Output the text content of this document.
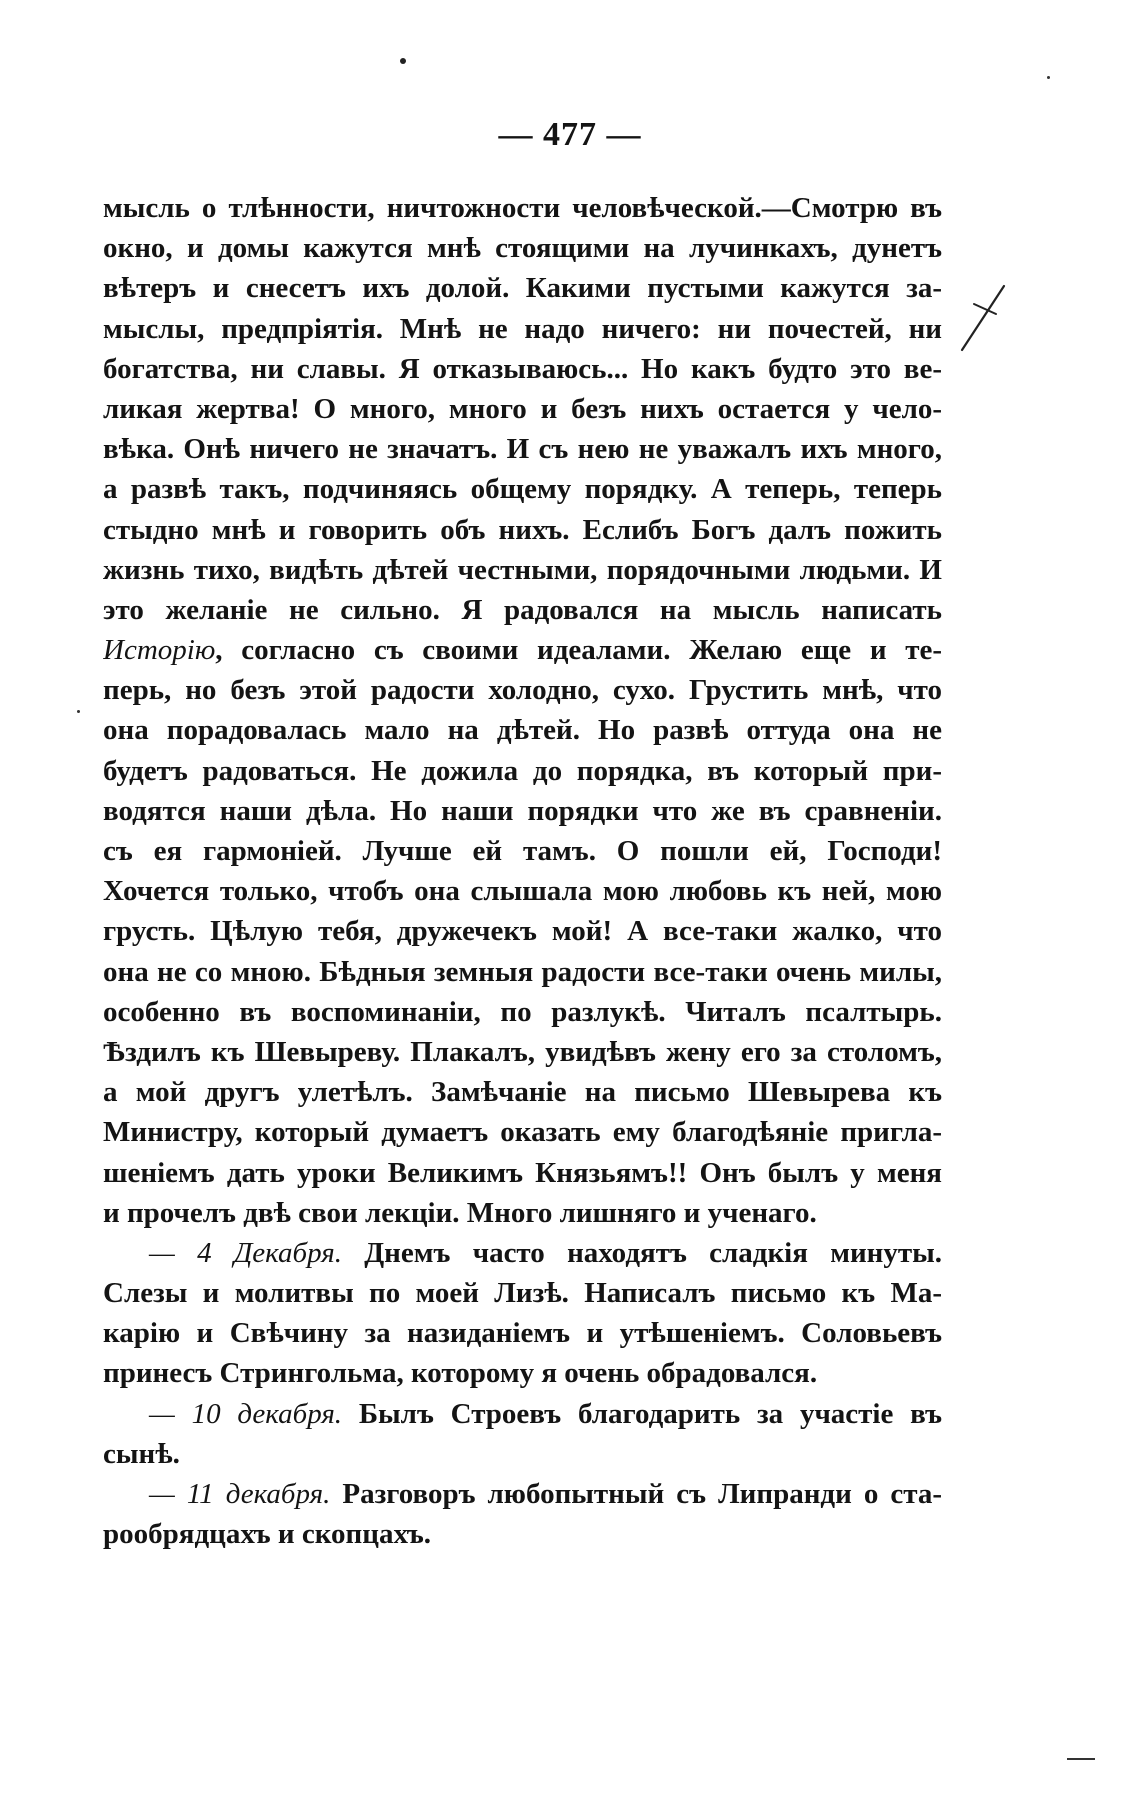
— 477 —
мысль о тлѣнности, ничтожности человѣческой.—Смотрю въ
окно, и домы кажутся мнѣ стоящими на лучинкахъ, дунетъ
вѣтеръ и снесетъ ихъ долой. Какими пустыми кажутся за-
мыслы, предпріятія. Мнѣ не надо ничего: ни почестей, ни
богатства, ни славы. Я отказываюсь... Но какъ будто это ве-
ликая жертва! О много, много и безъ нихъ остается у чело-
вѣка. Онѣ ничего не значатъ. И съ нею не уважалъ ихъ много,
а развѣ такъ, подчиняясь общему порядку. А теперь, теперь
стыдно мнѣ и говорить объ нихъ. Еслибъ Богъ далъ пожить
жизнь тихо, видѣть дѣтей честными, порядочными людьми. И
это желаніе не сильно. Я радовался на мысль написать
Исторію, согласно съ своими идеалами. Желаю еще и те-
перь, но безъ этой радости холодно, сухо. Грустить мнѣ, что
она порадовалась мало на дѣтей. Но развѣ оттуда она не
будетъ радоваться. Не дожила до порядка, въ который при-
водятся наши дѣла. Но наши порядки что же въ сравненіи.
съ ея гармоніей. Лучше ей тамъ. О пошли ей, Господи!
Хочется только, чтобъ она слышала мою любовь къ ней, мою
грусть. Цѣлую тебя, дружечекъ мой! А все-таки жалко, что
она не со мною. Бѣдныя земныя радости все-таки очень милы,
особенно въ воспоминаніи, по разлукѣ. Читалъ псалтырь.
Ѣздилъ къ Шевыреву. Плакалъ, увидѣвъ жену его за столомъ,
а мой другъ улетѣлъ. Замѣчаніе на письмо Шевырева къ
Министру, который думаетъ оказать ему благодѣяніе пригла-
шеніемъ дать уроки Великимъ Князьямъ!! Онъ былъ у меня
и прочелъ двѣ свои лекціи. Много лишняго и ученаго.
— 4 Декабря. Днемъ часто находятъ сладкія минуты.
Слезы и молитвы по моей Лизѣ. Написалъ письмо къ Ма-
карію и Свѣчину за назиданіемъ и утѣшеніемъ. Соловьевъ
принесъ Стрингольма, которому я очень обрадовался.
— 10 декабря. Былъ Строевъ благодарить за участіе въ
сынѣ.
— 11 декабря. Разговоръ любопытный съ Липранди о ста-
рообрядцахъ и скопцахъ.
